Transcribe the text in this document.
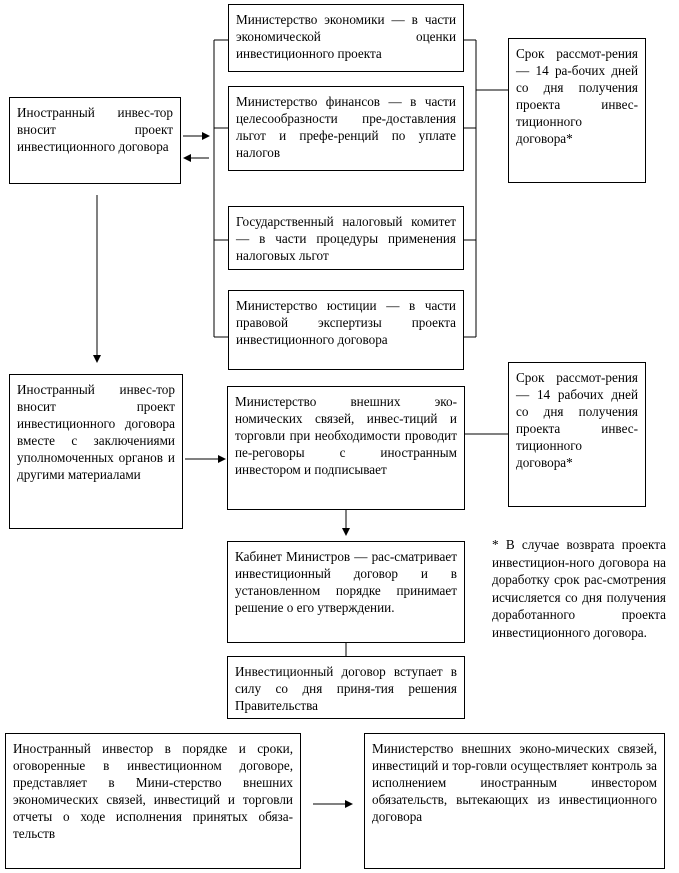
Иностранный инвес-тор вносит проект инвестиционного договора
Министерство экономики — в части экономической оценки инвестиционного проекта
Министерство финансов — в части целесообразности пре-доставления льгот и префе-ренций по уплате налогов
Государственный налоговый комитет — в части процедуры применения налоговых льгот
Министерство юстиции — в части правовой экспертизы проекта инвестиционного договора
Срок рассмот-рения — 14 ра-бочих дней со дня получения проекта инвес-тиционного договора*
Иностранный инвес-тор вносит проект инвестиционного договора вместе с заключениями уполномоченных органов и другими материалами
Министерство внешних эко-номических связей, инвес-тиций и торговли при необходимости проводит пе-реговоры с иностранным инвестором и подписывает
Срок рассмот-рения — 14 рабочих дней со дня получения проекта инвес-тиционного договора*
Кабинет Министров — рас-сматривает инвестиционный договор и в установленном порядке принимает решение о его утверждении.
Инвестиционный договор вступает в силу со дня приня-тия решения Правительства
* В случае возврата проекта инвестицион-ного договора на доработку срок рас-смотрения исчисляется со дня получения доработанного проекта инвестиционного договора.
Иностранный инвестор в порядке и сроки, оговоренные в инвестиционном договоре, представляет в Мини-стерство внешних экономических связей, инвестиций и торговли отчеты о ходе исполнения принятых обяза-тельств
Министерство внешних эконо-мических связей, инвестиций и тор-говли осуществляет контроль за исполнением иностранным инвестором обязательств, вытекающих из инвестиционного договора
